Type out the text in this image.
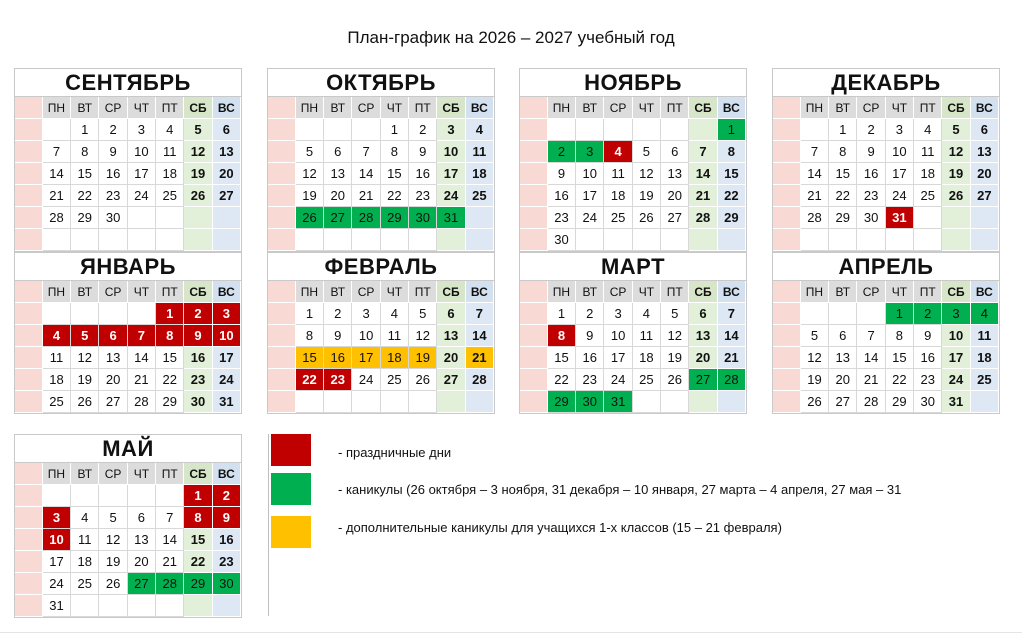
План-график на 2026 – 2027 учебный год
СЕНТЯБРЬ
	ПН	ВТ	СР	ЧТ	ПТ	СБ	ВС
		1	2	3	4	5	6
	7	8	9	10	11	12	13
	14	15	16	17	18	19	20
	21	22	23	24	25	26	27
	28	29	30				

ОКТЯБРЬ
	ПН	ВТ	СР	ЧТ	ПТ	СБ	ВС
				1	2	3	4
	5	6	7	8	9	10	11
	12	13	14	15	16	17	18
	19	20	21	22	23	24	25
	26	27	28	29	30	31	

НОЯБРЬ
	ПН	ВТ	СР	ЧТ	ПТ	СБ	ВС
							1
	2	3	4	5	6	7	8
	9	10	11	12	13	14	15
	16	17	18	19	20	21	22
	23	24	25	26	27	28	29
	30						
ДЕКАБРЬ
	ПН	ВТ	СР	ЧТ	ПТ	СБ	ВС
		1	2	3	4	5	6
	7	8	9	10	11	12	13
	14	15	16	17	18	19	20
	21	22	23	24	25	26	27
	28	29	30	31			

ЯНВАРЬ
	ПН	ВТ	СР	ЧТ	ПТ	СБ	ВС
					1	2	3
	4	5	6	7	8	9	10
	11	12	13	14	15	16	17
	18	19	20	21	22	23	24
	25	26	27	28	29	30	31
ФЕВРАЛЬ
	ПН	ВТ	СР	ЧТ	ПТ	СБ	ВС
	1	2	3	4	5	6	7
	8	9	10	11	12	13	14
	15	16	17	18	19	20	21
	22	23	24	25	26	27	28

МАРТ
	ПН	ВТ	СР	ЧТ	ПТ	СБ	ВС
	1	2	3	4	5	6	7
	8	9	10	11	12	13	14
	15	16	17	18	19	20	21
	22	23	24	25	26	27	28
	29	30	31				
АПРЕЛЬ
	ПН	ВТ	СР	ЧТ	ПТ	СБ	ВС
				1	2	3	4
	5	6	7	8	9	10	11
	12	13	14	15	16	17	18
	19	20	21	22	23	24	25
	26	27	28	29	30	31	
МАЙ
	ПН	ВТ	СР	ЧТ	ПТ	СБ	ВС
						1	2
	3	4	5	6	7	8	9
	10	11	12	13	14	15	16
	17	18	19	20	21	22	23
	24	25	26	27	28	29	30
	31						
- праздничные дни
- каникулы (26 октября – 3 ноября, 31 декабря – 10 января, 27 марта – 4 апреля, 27 мая – 31
- дополнительные каникулы для учащихся 1-х классов (15 – 21 февраля)
